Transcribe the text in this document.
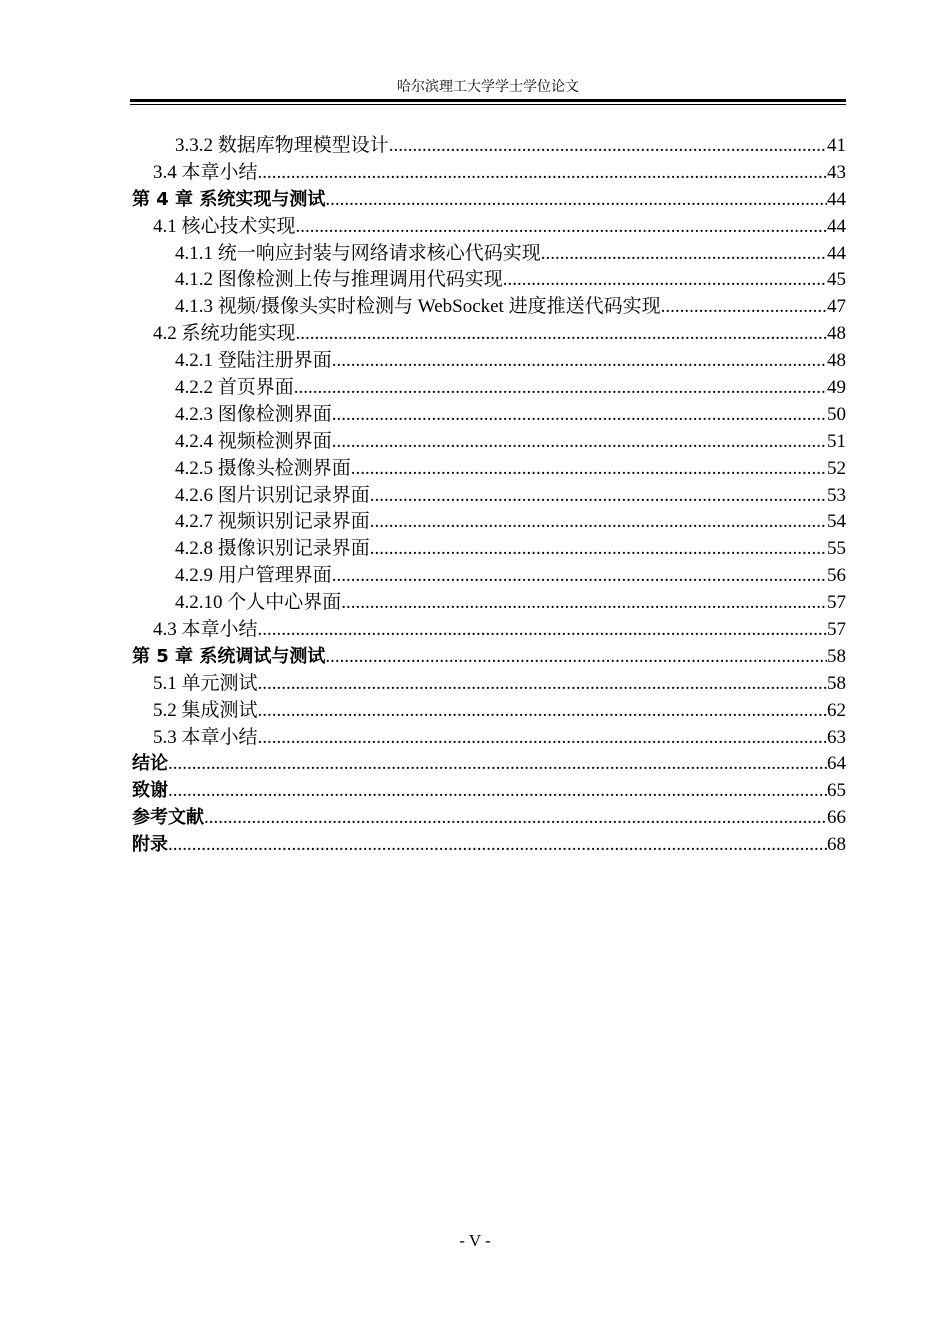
哈尔滨理工大学学士学位论文
3.3.2 数据库物理模型设计 .....	41
3.4 本章小结 .....	43
第 4 章 系统实现与测试 .....	44
4.1 核心技术实现 .....	44
4.1.1 统一响应封装与网络请求核心代码实现 .....	44
4.1.2 图像检测上传与推理调用代码实现 .....	45
4.1.3 视频/摄像头实时检测与 WebSocket 进度推送代码实现 .....	47
4.2 系统功能实现 .....	48
4.2.1 登陆注册界面 .....	48
4.2.2 首页界面 .....	49
4.2.3 图像检测界面 .....	50
4.2.4 视频检测界面 .....	51
4.2.5 摄像头检测界面 .....	52
4.2.6 图片识别记录界面 .....	53
4.2.7 视频识别记录界面 .....	54
4.2.8 摄像识别记录界面 .....	55
4.2.9 用户管理界面 .....	56
4.2.10 个人中心界面 .....	57
4.3 本章小结 .....	57
第 5 章 系统调试与测试 .....	58
5.1 单元测试 .....	58
5.2 集成测试 .....	62
5.3 本章小结 .....	63
结论 .....	64
致谢 .....	65
参考文献 .....	66
附录 .....	68
- V -
